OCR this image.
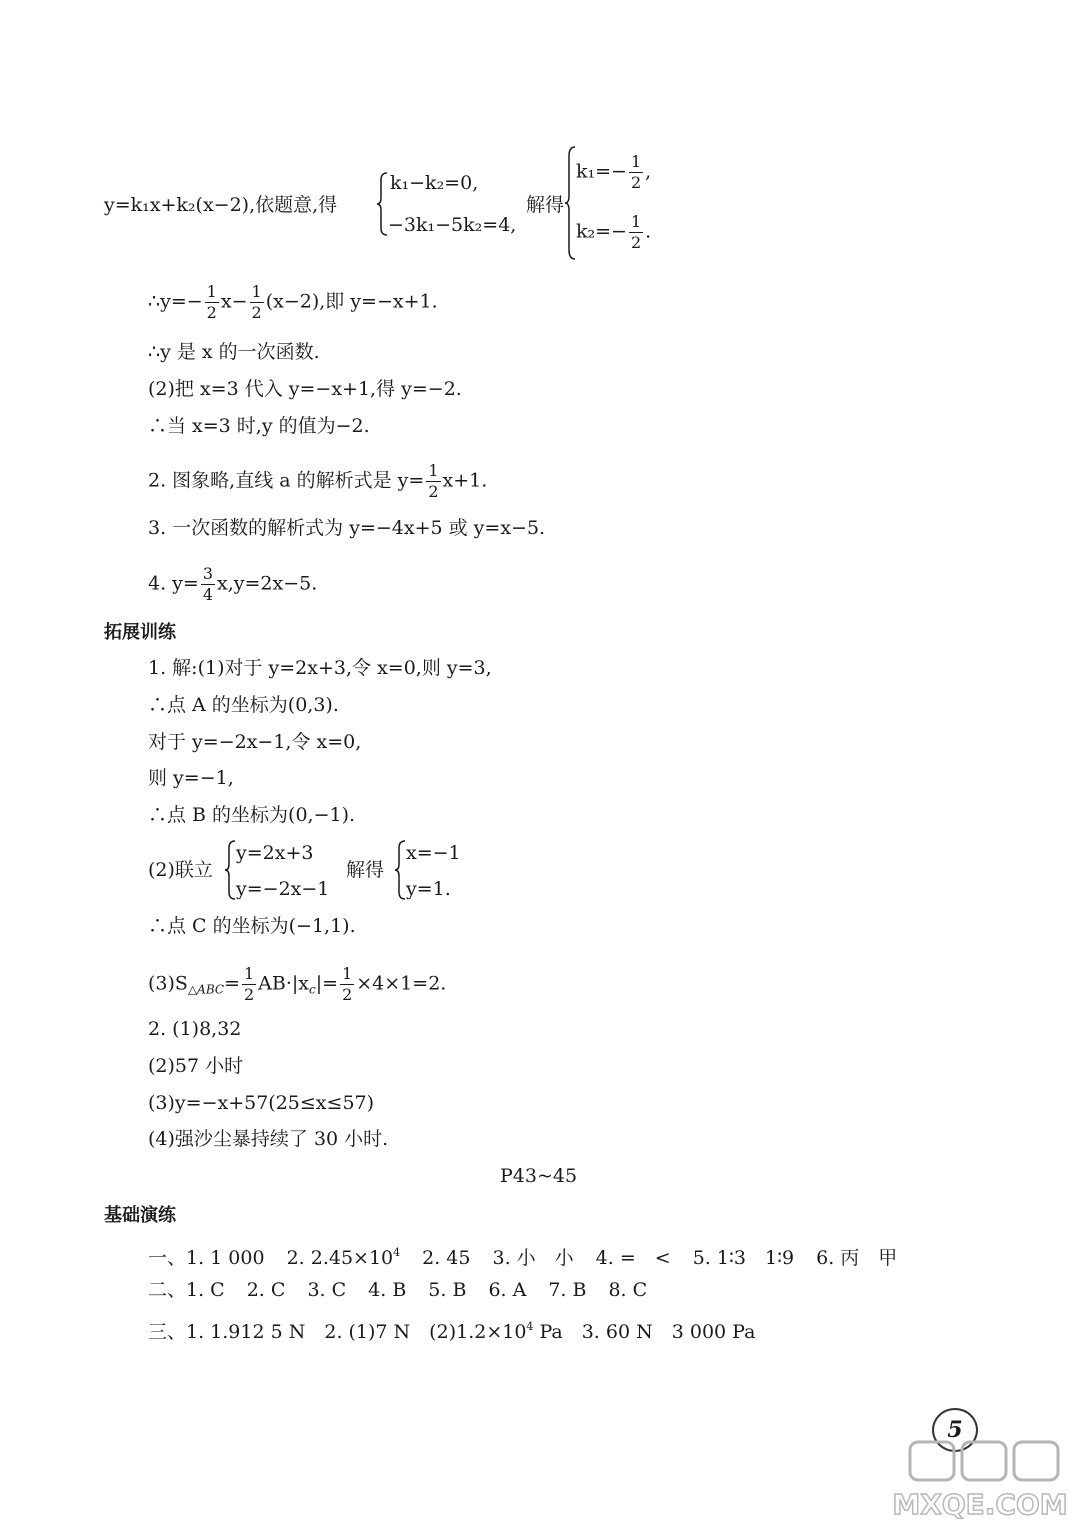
y=k₁x+k₂(x−2),依题意,得
k₁−k₂=0,
−3k₁−5k₂=4,
解得
$k_1=- \frac{1}{2}$ ,
$k_2=- \frac{1}{2}$ .
∴y=− $\frac{1}{2} x- \frac{1}{2} (x-2)$,即 y=−x+1.
∴y 是 x 的一次函数.
(2)把 x=3 代入 y=−x+1,得 y=−2.
∴当 x=3 时,y 的值为−2.
2. 图象略,直线 a 的解析式是 $y= \frac{1}{2} x+1$.
3. 一次函数的解析式为 y=−4x+5 或 y=x−5.
4. $y= \frac{3}{4} x,y=2x-5$.
拓展训练
1. 解:(1)对于 y=2x+3,令 x=0,则 y=3,
∴点 A 的坐标为(0,3).
对于 y=−2x−1,令 x=0,
则 y=−1,
∴点 B 的坐标为(0,−1).
(2)联立
y=2x+3
y=−2x−1
解得
x=−1
y=1.
∴点 C 的坐标为(−1,1).
$(3)S_{\triangle ABC}= \frac{1}{2} AB\cdot|x_c|= \frac{1}{2} \times 4\times 1=2$.
2. (1)8,32
(2)57 小时
(3)y=−x+57(25≤x≤57)
(4)强沙尘暴持续了 30 小时.
P43~45
基础演练
一、1. 1 000 2. $2.45\times 10^4$ 2. 45 3. 小　小 4. =　< 5. 1∶3　1∶9 6. 丙　甲
二、1. C 2. C 3. C 4. B 5. B 6. A 7. B 8. C
三、1. 1.912 5 N　2. (1)7 N　$(2)1.2\times 10^4$ Pa　3. 60 N　3 000 Pa
5
MXQE.COM
